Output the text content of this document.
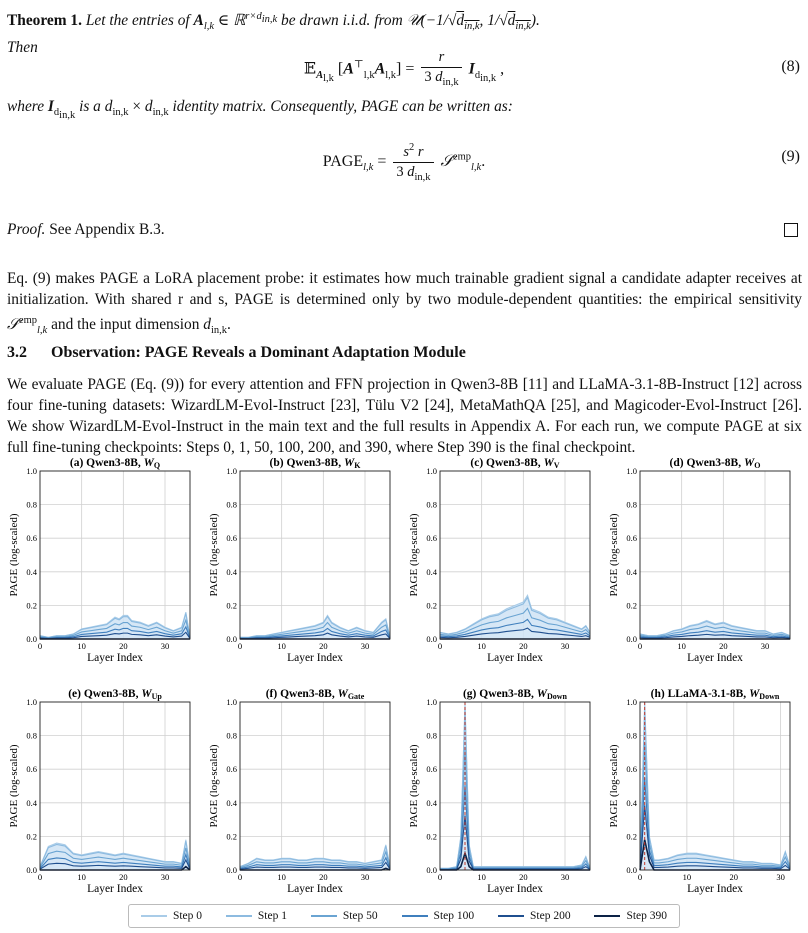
Theorem 1. Let the entries of $A_{l,k}$ ∈ ℝ$^{r\times d_{in,k}}$ be drawn i.i.d. from $𝒰(-1/√d_{in,k}$, $1/√d_{in,k}$).
Then
𝔼$_{A_{l,k}}$ $[A^⊤_{l,k}A_{l,k}] = \frac{r}{3 d_{in,k}} I_{d_{in,k}}$ ,	(8)
where $I_{d_{in,k}}$ is a $d_{in,k} \times d_{in,k}$ identity matrix. Consequently, PAGE can be written as:
$PAGE_{l,k} = \frac{s^2 r}{3 d_{in,k}}$ 𝒮$^{emp}_{l,k}$.	(9)
Proof. See Appendix B.3.
Eq. (9) makes PAGE a LoRA placement probe: it estimates how much trainable gradient signal a candidate adapter receives at initialization. With shared r and s, PAGE is determined only by two module-dependent quantities: the empirical sensitivity 𝒮$^{emp}_{l,k}$ and the input dimension $d_{in,k}$.
3.2 Observation: PAGE Reveals a Dominant Adaptation Module
We evaluate PAGE (Eq. (9)) for every attention and FFN projection in Qwen3-8B [11] and LLaMA-3.1-8B-Instruct [12] across four fine-tuning datasets: WizardLM-Evol-Instruct [23], Tülu V2 [24], MetaMathQA [25], and Magicoder-Evol-Instruct [26]. We show WizardLM-Evol-Instruct in the main text and the full results in Appendix A. For each run, we compute PAGE at six full fine-tuning checkpoints: Steps 0, 1, 50, 100, 200, and 390, where Step 390 is the final checkpoint.
(a) Qwen3-8B, WQ
0.0
0.2
0.4
0.6
0.8
1.0
0	10	20	30
Layer Index
PAGE (log-scaled)
(b) Qwen3-8B, WK
0.0
0.2
0.4
0.6
0.8
1.0
0	10	20	30
Layer Index
PAGE (log-scaled)
(c) Qwen3-8B, WV
0.0
0.2
0.4
0.6
0.8
1.0
0	10	20	30
Layer Index
PAGE (log-scaled)
(d) Qwen3-8B, WO
0.0
0.2
0.4
0.6
0.8
1.0
0	10	20	30
Layer Index
PAGE (log-scaled)
(e) Qwen3-8B, WUp
0.0
0.2
0.4
0.6
0.8
1.0
0	10	20	30
Layer Index
PAGE (log-scaled)
(f) Qwen3-8B, WGate
0.0
0.2
0.4
0.6
0.8
1.0
0	10	20	30
Layer Index
PAGE (log-scaled)
(g) Qwen3-8B, WDown
0.0
0.2
0.4
0.6
0.8
1.0
0	10	20	30
Layer Index
PAGE (log-scaled)
(h) LLaMA-3.1-8B, WDown
0.0
0.2
0.4
0.6
0.8
1.0
0	10	20	30
Layer Index
PAGE (log-scaled)
Step 0	Step 1	Step 50	Step 100	Step 200	Step 390
